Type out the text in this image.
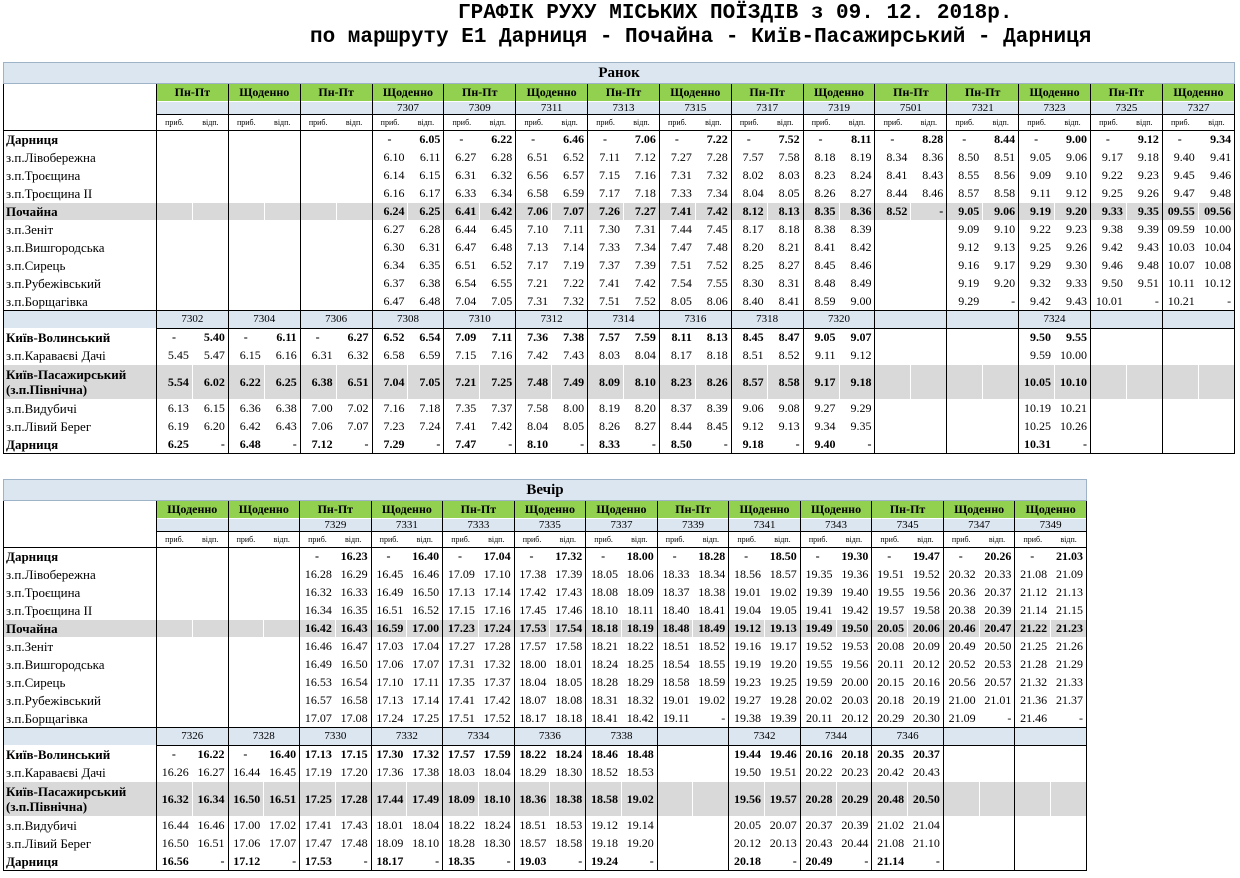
ГРАФІК РУХУ МІСЬКИХ ПОЇЗДІВ з 09. 12. 2018р.
по маршруту Е1 Дарниця - Почайна - Київ-Пасажирський - Дарниця
Ранок																														
	Пн-Пт		Щоденно		Пн-Пт		Щоденно		Пн-Пт		Щоденно		Пн-Пт		Щоденно		Пн-Пт		Щоденно		Пн-Пт		Пн-Пт		Щоденно		Пн-Пт		Щоденно	
							7307		7309		7311		7313		7315		7317		7319		7501		7321		7323		7325		7327	
	приб.	відп.	приб.	відп.	приб.	відп.	приб.	відп.	приб.	відп.	приб.	відп.	приб.	відп.	приб.	відп.	приб.	відп.	приб.	відп.	приб.	відп.	приб.	відп.	приб.	відп.	приб.	відп.	приб.	відп.
Дарниця							-	6.05	-	6.22	-	6.46	-	7.06	-	7.22	-	7.52	-	8.11	-	8.28	-	8.44	-	9.00	-	9.12	-	9.34
з.п.Лівобережна							6.10	6.11	6.27	6.28	6.51	6.52	7.11	7.12	7.27	7.28	7.57	7.58	8.18	8.19	8.34	8.36	8.50	8.51	9.05	9.06	9.17	9.18	9.40	9.41
з.п.Троєщина							6.14	6.15	6.31	6.32	6.56	6.57	7.15	7.16	7.31	7.32	8.02	8.03	8.23	8.24	8.41	8.43	8.55	8.56	9.09	9.10	9.22	9.23	9.45	9.46
з.п.Троєщина ІІ							6.16	6.17	6.33	6.34	6.58	6.59	7.17	7.18	7.33	7.34	8.04	8.05	8.26	8.27	8.44	8.46	8.57	8.58	9.11	9.12	9.25	9.26	9.47	9.48
Почайна							6.24	6.25	6.41	6.42	7.06	7.07	7.26	7.27	7.41	7.42	8.12	8.13	8.35	8.36	8.52	-	9.05	9.06	9.19	9.20	9.33	9.35	09.55	09.56
з.п.Зеніт							6.27	6.28	6.44	6.45	7.10	7.11	7.30	7.31	7.44	7.45	8.17	8.18	8.38	8.39			9.09	9.10	9.22	9.23	9.38	9.39	09.59	10.00
з.п.Вишгородська							6.30	6.31	6.47	6.48	7.13	7.14	7.33	7.34	7.47	7.48	8.20	8.21	8.41	8.42			9.12	9.13	9.25	9.26	9.42	9.43	10.03	10.04
з.п.Сирець							6.34	6.35	6.51	6.52	7.17	7.19	7.37	7.39	7.51	7.52	8.25	8.27	8.45	8.46			9.16	9.17	9.29	9.30	9.46	9.48	10.07	10.08
з.п.Рубежівський							6.37	6.38	6.54	6.55	7.21	7.22	7.41	7.42	7.54	7.55	8.30	8.31	8.48	8.49			9.19	9.20	9.32	9.33	9.50	9.51	10.11	10.12
з.п.Борщагівка							6.47	6.48	7.04	7.05	7.31	7.32	7.51	7.52	8.05	8.06	8.40	8.41	8.59	9.00			9.29	-	9.42	9.43	10.01	-	10.21	-
	7302		7304		7306		7308		7310		7312		7314		7316		7318		7320						7324					
Київ-Волинський	-	5.40	-	6.11	-	6.27	6.52	6.54	7.09	7.11	7.36	7.38	7.57	7.59	8.11	8.13	8.45	8.47	9.05	9.07					9.50	9.55				
з.п.Караваєві Дачі	5.45	5.47	6.15	6.16	6.31	6.32	6.58	6.59	7.15	7.16	7.42	7.43	8.03	8.04	8.17	8.18	8.51	8.52	9.11	9.12					9.59	10.00				
Київ-Пасажирський (з.п.Північна)	5.54	6.02	6.22	6.25	6.38	6.51	7.04	7.05	7.21	7.25	7.48	7.49	8.09	8.10	8.23	8.26	8.57	8.58	9.17	9.18					10.05	10.10				
з.п.Видубичі	6.13	6.15	6.36	6.38	7.00	7.02	7.16	7.18	7.35	7.37	7.58	8.00	8.19	8.20	8.37	8.39	9.06	9.08	9.27	9.29					10.19	10.21				
з.п.Лівий Берег	6.19	6.20	6.42	6.43	7.06	7.07	7.23	7.24	7.41	7.42	8.04	8.05	8.26	8.27	8.44	8.45	9.12	9.13	9.34	9.35					10.25	10.26				
Дарниця	6.25	-	6.48	-	7.12	-	7.29	-	7.47	-	8.10	-	8.33	-	8.50	-	9.18	-	9.40	-					10.31	-				
Вечір																										
	Щоденно		Щоденно		Пн-Пт		Щоденно		Пн-Пт		Щоденно		Щоденно		Пн-Пт		Щоденно		Щоденно		Пн-Пт		Щоденно		Щоденно	
					7329		7331		7333		7335		7337		7339		7341		7343		7345		7347		7349	
	приб.	відп.	приб.	відп.	приб.	відп.	приб.	відп.	приб.	відп.	приб.	відп.	приб.	відп.	приб.	відп.	приб.	відп.	приб.	відп.	приб.	відп.	приб.	відп.	приб.	відп.
Дарниця					-	16.23	-	16.40	-	17.04	-	17.32	-	18.00	-	18.28	-	18.50	-	19.30	-	19.47	-	20.26	-	21.03
з.п.Лівобережна					16.28	16.29	16.45	16.46	17.09	17.10	17.38	17.39	18.05	18.06	18.33	18.34	18.56	18.57	19.35	19.36	19.51	19.52	20.32	20.33	21.08	21.09
з.п.Троєщина					16.32	16.33	16.49	16.50	17.13	17.14	17.42	17.43	18.08	18.09	18.37	18.38	19.01	19.02	19.39	19.40	19.55	19.56	20.36	20.37	21.12	21.13
з.п.Троєщина ІІ					16.34	16.35	16.51	16.52	17.15	17.16	17.45	17.46	18.10	18.11	18.40	18.41	19.04	19.05	19.41	19.42	19.57	19.58	20.38	20.39	21.14	21.15
Почайна					16.42	16.43	16.59	17.00	17.23	17.24	17.53	17.54	18.18	18.19	18.48	18.49	19.12	19.13	19.49	19.50	20.05	20.06	20.46	20.47	21.22	21.23
з.п.Зеніт					16.46	16.47	17.03	17.04	17.27	17.28	17.57	17.58	18.21	18.22	18.51	18.52	19.16	19.17	19.52	19.53	20.08	20.09	20.49	20.50	21.25	21.26
з.п.Вишгородська					16.49	16.50	17.06	17.07	17.31	17.32	18.00	18.01	18.24	18.25	18.54	18.55	19.19	19.20	19.55	19.56	20.11	20.12	20.52	20.53	21.28	21.29
з.п.Сирець					16.53	16.54	17.10	17.11	17.35	17.37	18.04	18.05	18.28	18.29	18.58	18.59	19.23	19.25	19.59	20.00	20.15	20.16	20.56	20.57	21.32	21.33
з.п.Рубежівський					16.57	16.58	17.13	17.14	17.41	17.42	18.07	18.08	18.31	18.32	19.01	19.02	19.27	19.28	20.02	20.03	20.18	20.19	21.00	21.01	21.36	21.37
з.п.Борщагівка					17.07	17.08	17.24	17.25	17.51	17.52	18.17	18.18	18.41	18.42	19.11	-	19.38	19.39	20.11	20.12	20.29	20.30	21.09	-	21.46	-
	7326		7328		7330		7332		7334		7336		7338				7342		7344		7346					
Київ-Волинський	-	16.22	-	16.40	17.13	17.15	17.30	17.32	17.57	17.59	18.22	18.24	18.46	18.48			19.44	19.46	20.16	20.18	20.35	20.37				
з.п.Караваєві Дачі	16.26	16.27	16.44	16.45	17.19	17.20	17.36	17.38	18.03	18.04	18.29	18.30	18.52	18.53			19.50	19.51	20.22	20.23	20.42	20.43				
Київ-Пасажирський (з.п.Північна)	16.32	16.34	16.50	16.51	17.25	17.28	17.44	17.49	18.09	18.10	18.36	18.38	18.58	19.02			19.56	19.57	20.28	20.29	20.48	20.50				
з.п.Видубичі	16.44	16.46	17.00	17.02	17.41	17.43	18.01	18.04	18.22	18.24	18.51	18.53	19.12	19.14			20.05	20.07	20.37	20.39	21.02	21.04				
з.п.Лівий Берег	16.50	16.51	17.06	17.07	17.47	17.48	18.09	18.10	18.28	18.30	18.57	18.58	19.18	19.20			20.12	20.13	20.43	20.44	21.08	21.10				
Дарниця	16.56	-	17.12	-	17.53	-	18.17	-	18.35	-	19.03	-	19.24	-			20.18	-	20.49	-	21.14	-				
